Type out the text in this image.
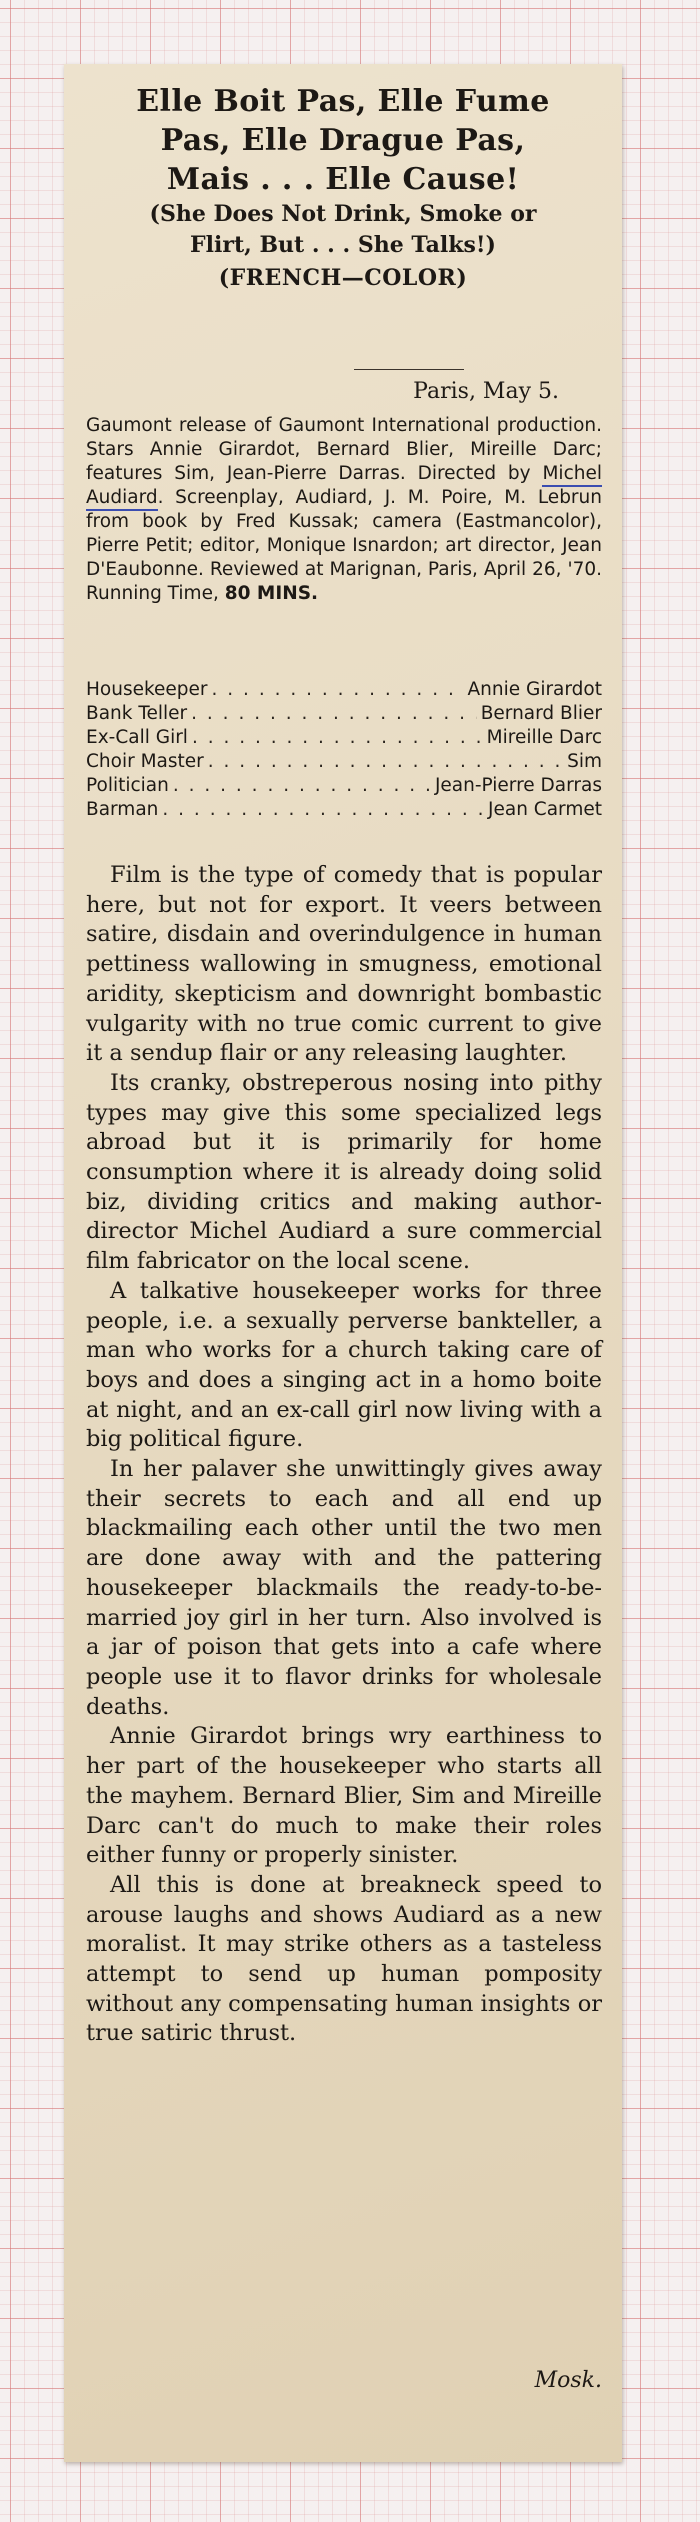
Elle Boit Pas, Elle Fume

Pas, Elle Drague Pas,

Mais . . . Elle Cause!

(She Does Not Drink, Smoke or

Flirt, But . . . She Talks!)

(FRENCH—COLOR)

Paris, May 5.
Gaumont release of Gaumont International production. Stars Annie Girardot, Bernard Blier, Mireille Darc; features Sim, Jean-Pierre Darras. Directed by Michel Audiard. Screenplay, Audiard, J. M. Poire, M. Lebrun from book by Fred Kussak; camera (Eastmancolor), Pierre Petit; editor, Monique Isnardon; art director, Jean D'Eaubonne. Reviewed at Marignan, Paris, April 26, '70. Running Time, 80 MINS.
Housekeeper . . .	Annie Girardot
Bank Teller . . .	Bernard Blier
Ex-Call Girl . . .	Mireille Darc
Choir Master . . .	Sim
Politician . . .	Jean-Pierre Darras
Barman . . .	Jean Carmet

Film is the type of comedy that is popular here, but not for export. It veers between satire, disdain and overindulgence in human pettiness wallowing in smugness, emotional aridity, skepticism and downright bombastic vulgarity with no true comic current to give it a sendup flair or any releasing laughter.

Its cranky, obstreperous nosing into pithy types may give this some specialized legs abroad but it is primarily for home consumption where it is already doing solid biz, dividing critics and making author-director Michel Audiard a sure commercial film fabricator on the local scene.

A talkative housekeeper works for three people, i.e. a sexually perverse bankteller, a man who works for a church taking care of boys and does a singing act in a homo boite at night, and an ex-call girl now living with a big political figure.

In her palaver she unwittingly gives away their secrets to each and all end up blackmailing each other until the two men are done away with and the pattering housekeeper blackmails the ready-to-be-married joy girl in her turn. Also involved is a jar of poison that gets into a cafe where people use it to flavor drinks for wholesale deaths.

Annie Girardot brings wry earthiness to her part of the housekeeper who starts all the mayhem. Bernard Blier, Sim and Mireille Darc can't do much to make their roles either funny or properly sinister.

All this is done at breakneck speed to arouse laughs and shows Audiard as a new moralist. It may strike others as a tasteless attempt to send up human pomposity without any compensating human insights or true satiric thrust.

Mosk.
